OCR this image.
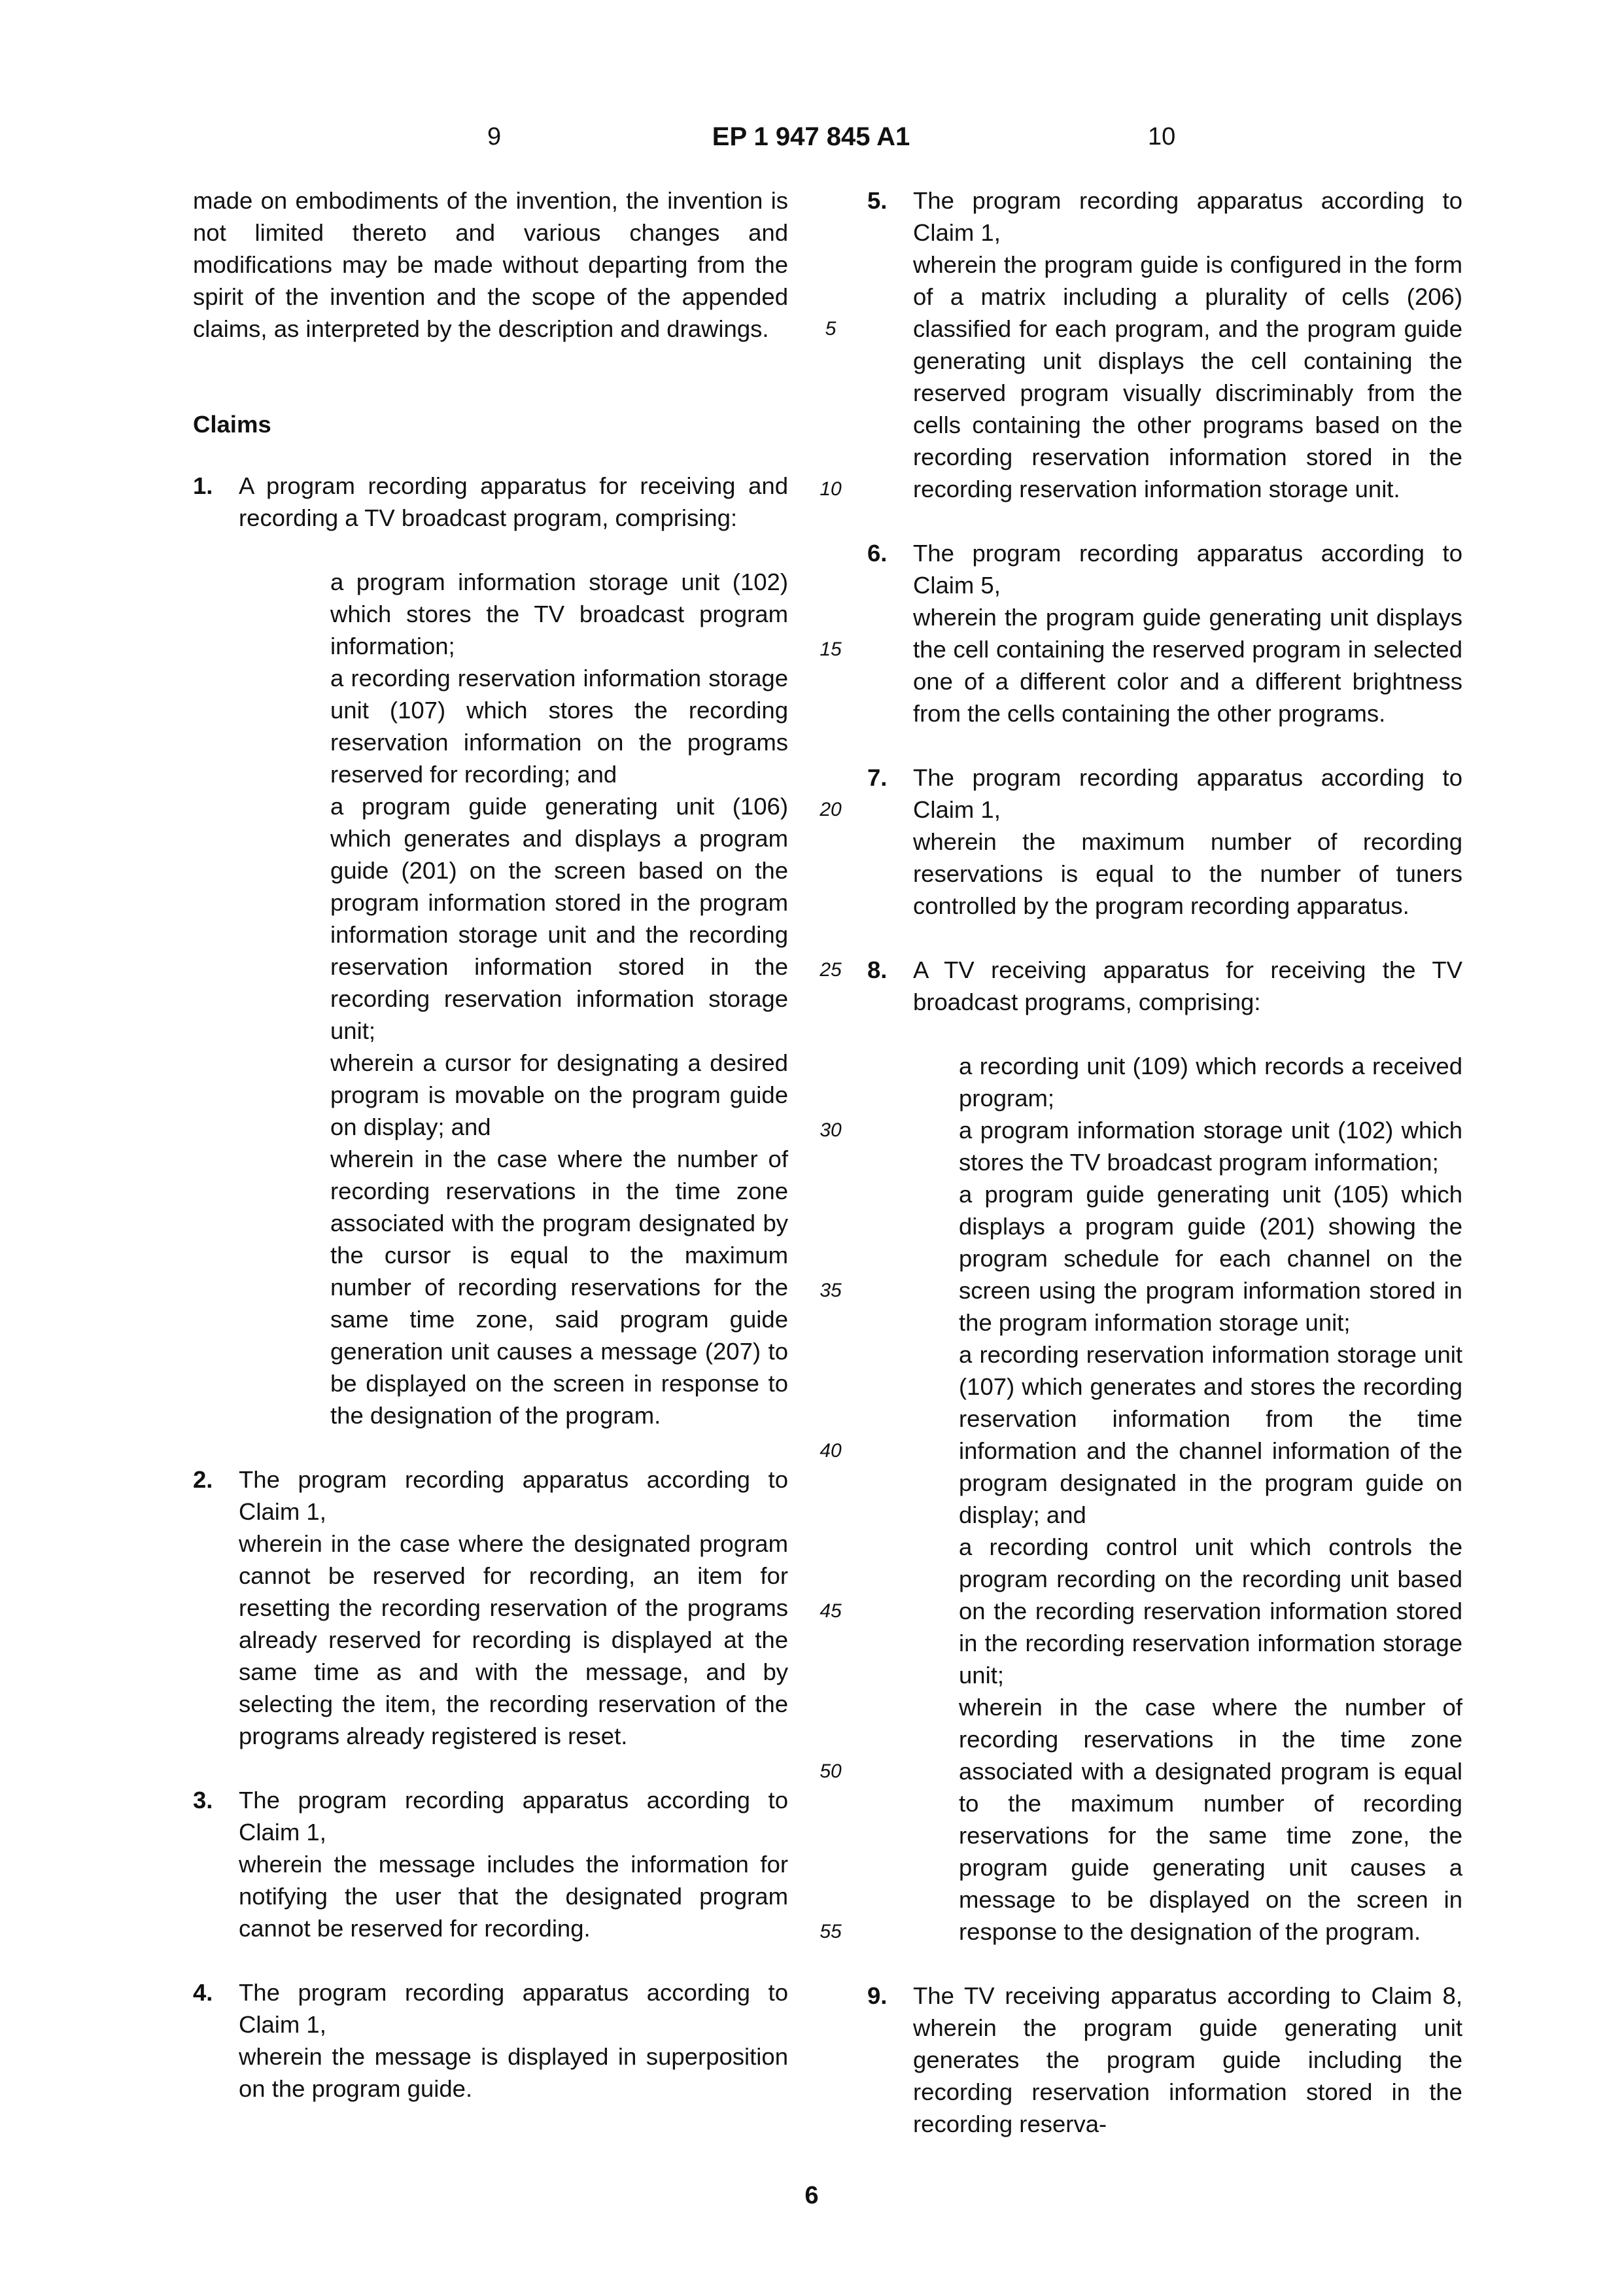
9	EP 1 947 845 A1	10
5
10
15
20
25
30
35
40
45
50
55

made on embodiments of the invention, the invention is not limited thereto and various changes and modifications may be made without departing from the spirit of the invention and the scope of the appended claims, as interpreted by the description and drawings.

Claims

1. A program recording apparatus for receiving and recording a TV broadcast program, comprising:

a program information storage unit (102) which stores the TV broadcast program information;

a recording reservation information storage unit (107) which stores the recording reservation information on the programs reserved for recording; and

a program guide generating unit (106) which generates and displays a program guide (201) on the screen based on the program information stored in the program information storage unit and the recording reservation information stored in the recording reservation information storage unit;

wherein a cursor for designating a desired program is movable on the program guide on display; and

wherein in the case where the number of recording reservations in the time zone associated with the program designated by the cursor is equal to the maximum number of recording reservations for the same time zone, said program guide generation unit causes a message (207) to be displayed on the screen in response to the designation of the program.

2. The program recording apparatus according to Claim 1,

wherein in the case where the designated program cannot be reserved for recording, an item for resetting the recording reservation of the programs already reserved for recording is displayed at the same time as and with the message, and by selecting the item, the recording reservation of the programs already registered is reset.

3. The program recording apparatus according to Claim 1,

wherein the message includes the information for notifying the user that the designated program cannot be reserved for recording.

4. The program recording apparatus according to Claim 1,

wherein the message is displayed in superposition on the program guide.

5. The program recording apparatus according to Claim 1,

wherein the program guide is configured in the form of a matrix including a plurality of cells (206) classified for each program, and the program guide generating unit displays the cell containing the reserved program visually discriminably from the cells containing the other programs based on the recording reservation information stored in the recording reservation information storage unit.

6. The program recording apparatus according to Claim 5,

wherein the program guide generating unit displays the cell containing the reserved program in selected one of a different color and a different brightness from the cells containing the other programs.

7. The program recording apparatus according to Claim 1,

wherein the maximum number of recording reservations is equal to the number of tuners controlled by the program recording apparatus.

8. A TV receiving apparatus for receiving the TV broadcast programs, comprising:

a recording unit (109) which records a received program;

a program information storage unit (102) which stores the TV broadcast program information;

a program guide generating unit (105) which displays a program guide (201) showing the program schedule for each channel on the screen using the program information stored in the program information storage unit;

a recording reservation information storage unit (107) which generates and stores the recording reservation information from the time information and the channel information of the program designated in the program guide on display; and

a recording control unit which controls the program recording on the recording unit based on the recording reservation information stored in the recording reservation information storage unit;

wherein in the case where the number of recording reservations in the time zone associated with a designated program is equal to the maximum number of recording reservations for the same time zone, the program guide generating unit causes a message to be displayed on the screen in response to the designation of the program.

9. The TV receiving apparatus according to Claim 8, wherein the program guide generating unit generates the program guide including the recording reservation information stored in the recording reserva-

6
